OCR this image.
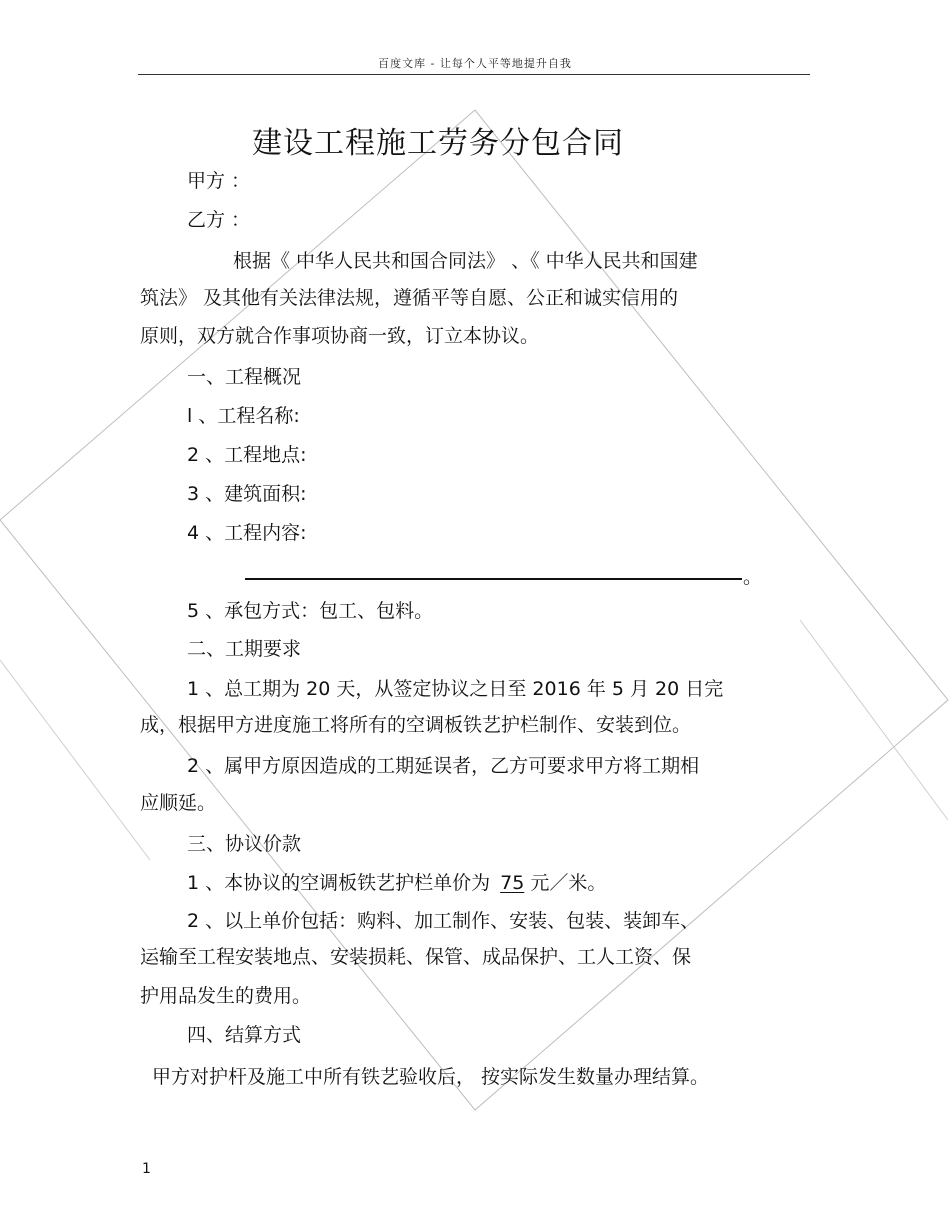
百度文库 - 让每个人平等地提升自我
建设工程施工劳务分包合同
甲方 ：
乙方 ：
根据《 中华人民共和国合同法》 、《 中华人民共和国建
筑法》 及其他有关法律法规，遵循平等自愿、公正和诚实信用的
原则，双方就合作事项协商一致，订立本协议。
一、工程概况
l 、工程名称:
2 、工程地点:
3 、建筑面积:
4 、工程内容:
。
5 、承包方式：包工、包料。
二、工期要求
1 、总工期为 20 天，从签定协议之日至 2016 年 5 月 20 日完
成，根据甲方进度施工将所有的空调板铁艺护栏制作、安装到位。
2 、属甲方原因造成的工期延误者，乙方可要求甲方将工期相
应顺延。
三、协议价款
1 、本协议的空调板铁艺护栏单价为 75 元／米。
2 、以上单价包括：购料、加工制作、安装、包装、装卸车、
运输至工程安装地点、安装损耗、保管、成品保护、工人工资、保
护用品发生的费用。
四、结算方式
甲方对护杆及施工中所有铁艺验收后， 按实际发生数量办理结算。
1
